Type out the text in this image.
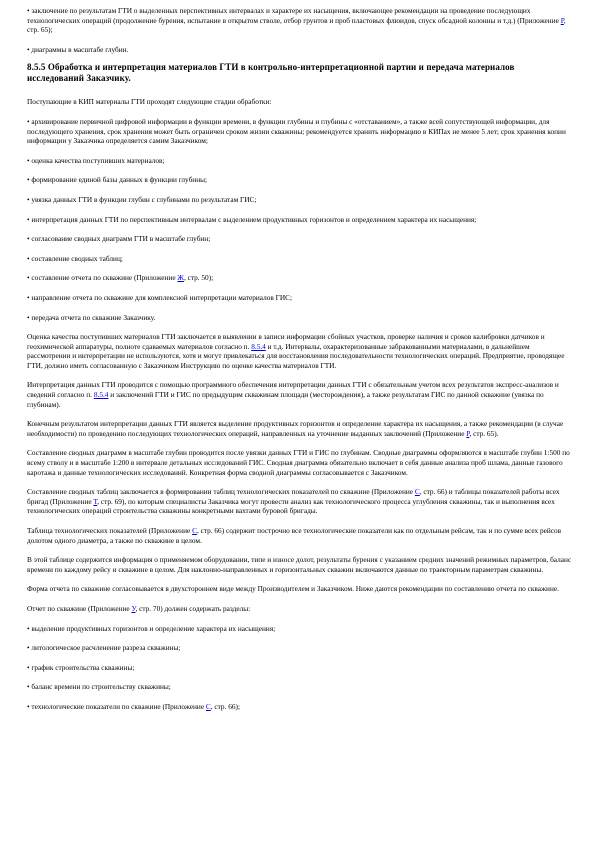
• заключение по результатам ГТИ о выделенных перспективных интервалах и характере их насыщения, включающее рекомендации на проведение последующих технологических операций (продолжение бурения, испытание в открытом стволе, отбор грунтов и проб пластовых флюидов, спуск обсадной колонны и т.д.) (Приложение Р, стр. 65);

• диаграммы в масштабе глубин.

8.5.5 Обработка и интерпретация материалов ГТИ в контрольно-интерпретационной партии и передача материалов исследований Заказчику.

Поступающие в КИП материалы ГТИ проходят следующие стадии обработки:

• архивирование первичной цифровой информации в функции времени, в функции глубины и глубины с «отставанием», а также всей сопутствующей информации, для последующего хранения, срок хранения может быть ограничен сроком жизни скважины; рекомендуется хранить информацию в КИПах не менее 5 лет; срок хранения копии информации у Заказчика определяется самим Заказчиком;

• оценка качества поступивших материалов;

• формирование единой базы данных в функции глубины;

• увязка данных ГТИ в функции глубин с глубинами по результатам ГИС;

• интерпретация данных ГТИ по перспективным интервалам с выделением продуктивных горизонтов и определением характера их насыщения;

• согласование сводных диаграмм ГТИ в масштабе глубин;

• составление сводных таблиц;

• составление отчета по скважине (Приложение Ж, стр. 50);

• направление отчета по скважине для комплексной интерпретации материалов ГИС;

• передача отчета по скважине Заказчику.

Оценка качества поступивших материалов ГТИ заключается в выявлении в записи информации сбойных участков, проверке наличия и сроков калибровки датчиков и геохимической аппаратуры, полноте сдаваемых материалов согласно п. 8.5.4 и т.д. Интервалы, охарактеризованные забракованными материалами, в дальнейшем рассмотрении и интерпретации не используются, хотя и могут привлекаться для восстановления последовательности технологических операций. Предприятие, проводящее ГТИ, должно иметь согласованную с Заказчиком Инструкцию по оценке качества материалов ГТИ.

Интерпретация данных ГТИ проводится с помощью программного обеспечения интерпретации данных ГТИ с обязательным учетом всех результатов экспресс-анализов и сведений согласно п. 8.5.4 и заключений ГТИ и ГИС по предыдущим скважинам площади (месторождения), а также результатам ГИС по данной скважине (увязка по глубинам).

Конечным результатом интерпретации данных ГТИ является выделение продуктивных горизонтов и определение характера их насыщения, а также рекомендации (в случае необходимости) по проведению последующих технологических операций, направленных на уточнение выданных заключений (Приложение Р, стр. 65).

Составление сводных диаграмм в масштабе глубин проводится после увязки данных ГТИ и ГИС по глубинам. Сводные диаграммы оформляются в масштабе глубин 1:500 по всему стволу и в масштабе 1:200 в интервале детальных исследований ГИС. Сводная диаграмма обязательно включает в себя данные анализа проб шлама, данные газового каротажа и данные технологических исследований. Конкретная форма сводной диаграммы согласовывается с Заказчиком.

Составление сводных таблиц заключается в формировании таблиц технологических показателей по скважине (Приложение С, стр. 66) и таблицы показателей работы всех бригад (Приложение Т, стр. 69), по которым специалисты Заказчика могут провести анализ как технологического процесса углубления скважины, так и выполнения всех технологических операций строительства скважины конкретными вахтами буровой бригады.

Таблица технологических показателей (Приложение С, стр. 66) содержит построчно все технологические показатели как по отдельным рейсам, так и по сумме всех рейсов долотом одного диаметра, а также по скважине в целом.

В этой таблице содержится информация о применяемом оборудовании, типе и износе долот, результаты бурения с указанием средних значений режимных параметров, баланс времени по каждому рейсу и скважине в целом. Для наклонно-направленных и горизонтальных скважин включаются данные по траекторным параметрам скважины.

Форма отчета по скважине согласовывается в двухстороннем виде между Производителем и Заказчиком. Ниже даются рекомендации по составлению отчета по скважине.

Отчет по скважине (Приложение У, стр. 70) должен содержать разделы:

• выделение продуктивных горизонтов и определение характера их насыщения;

• литологическое расчленение разреза скважины;

• график строительства скважины;

• баланс времени по строительству скважины;

• технологические показатели по скважине (Приложение С, стр. 66);
